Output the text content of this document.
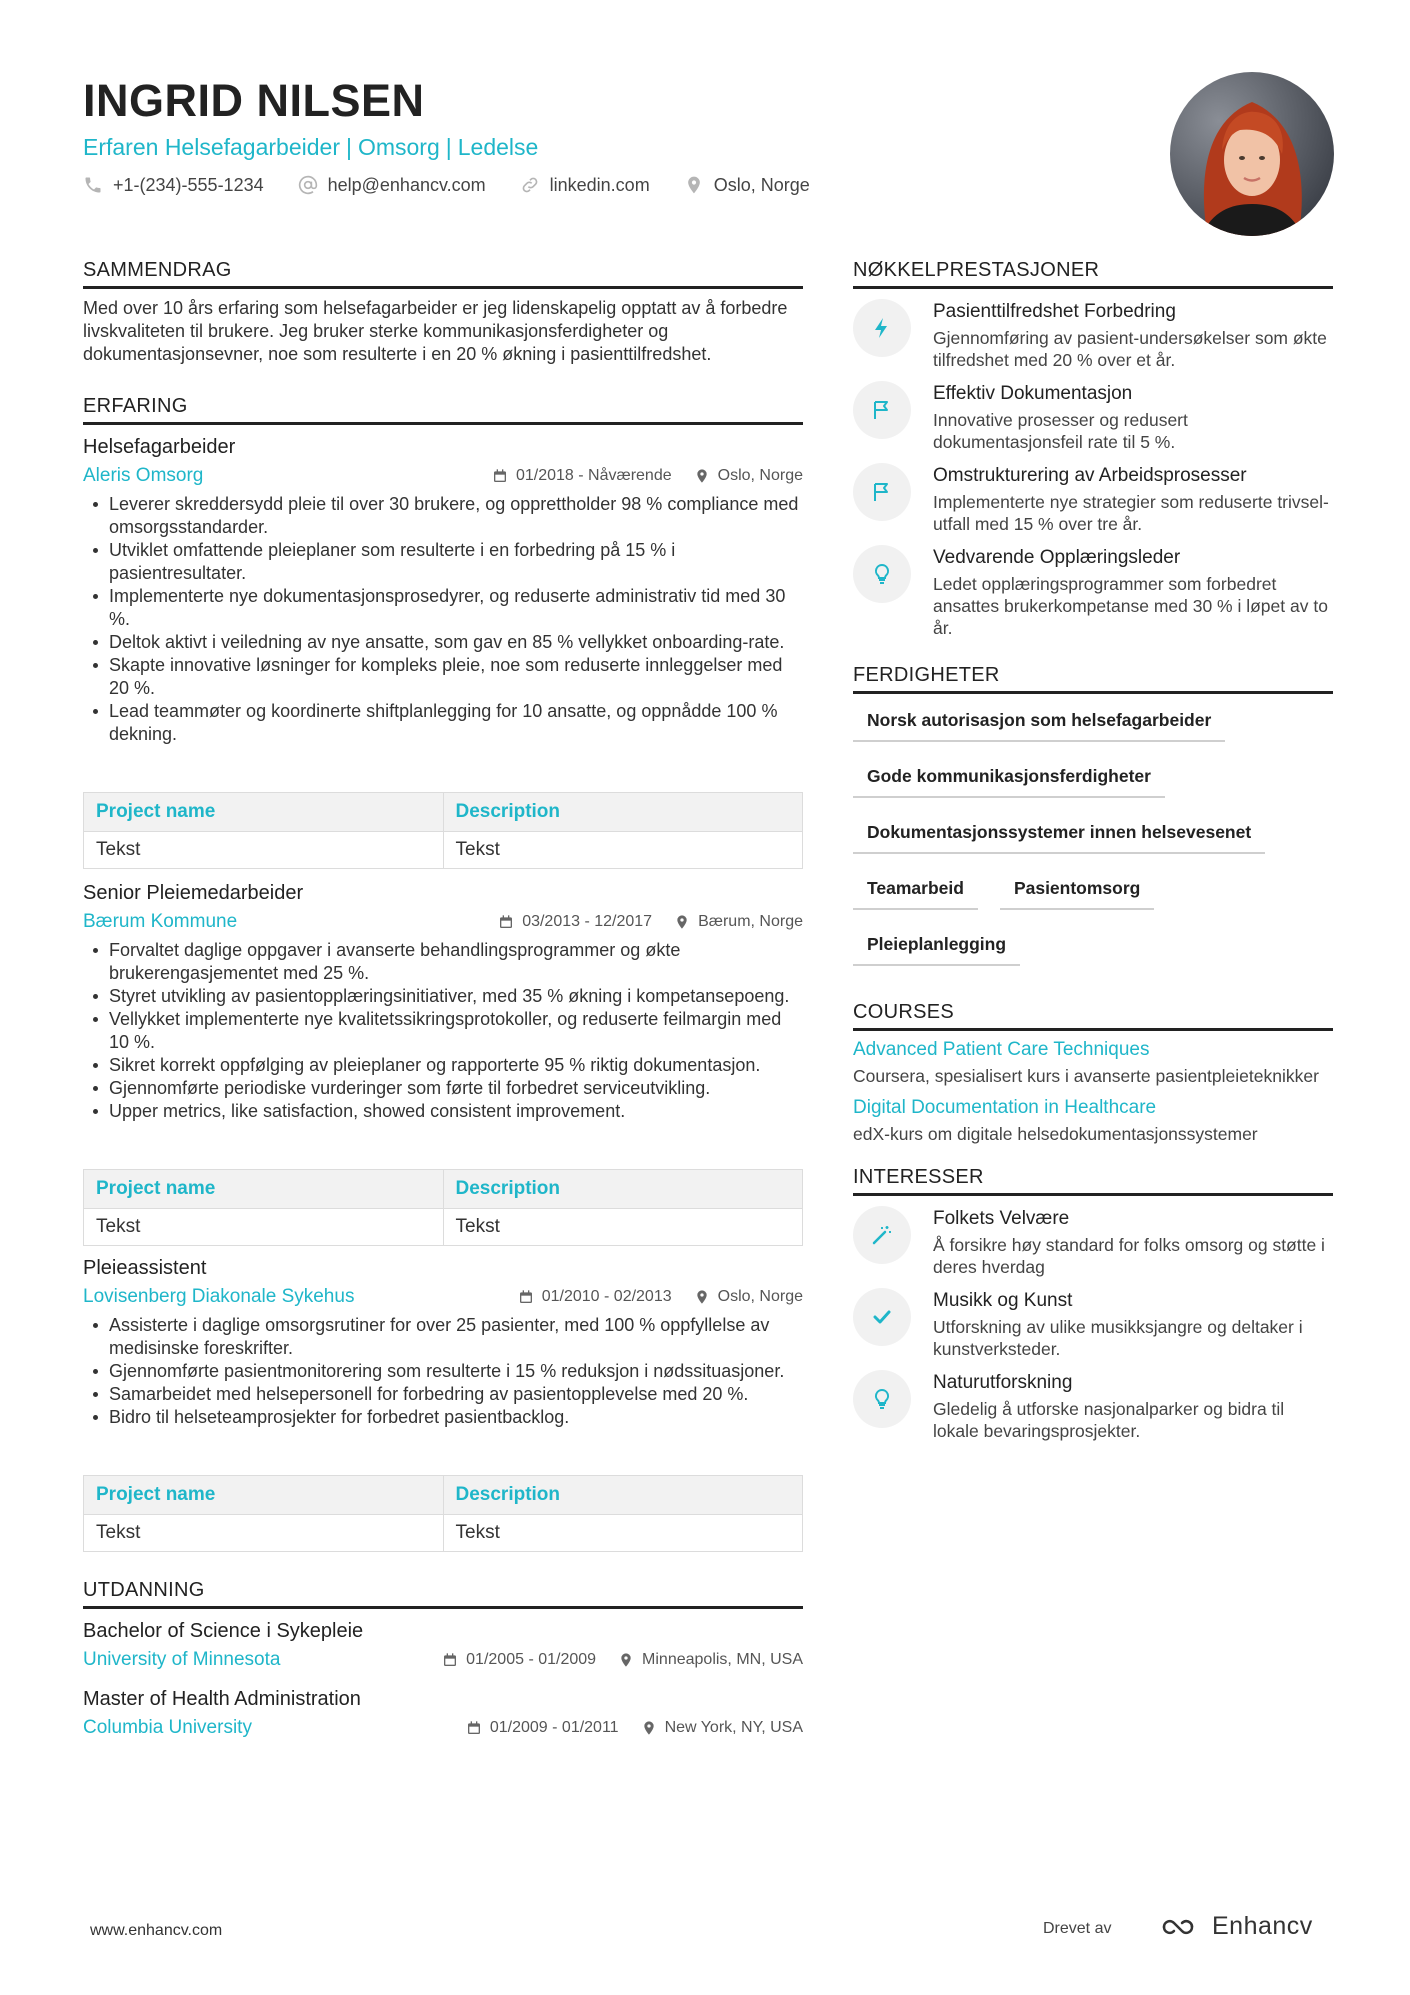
INGRID NILSEN
Erfaren Helsefagarbeider | Omsorg | Ledelse
+1-(234)-555-1234	help@enhancv.com	linkedin.com	Oslo, Norge
SAMMENDRAG
Med over 10 års erfaring som helsefagarbeider er jeg lidenskapelig opptatt av å forbedre livskvaliteten til brukere. Jeg bruker sterke kommunikasjonsferdigheter og dokumentasjonsevner, noe som resulterte i en 20 % økning i pasienttilfredshet.
ERFARING
Helsefagarbeider
Aleris Omsorg	01/2018 - Nåværende	Oslo, Norge
Leverer skreddersydd pleie til over 30 brukere, og opprettholder 98 % compliance med omsorgsstandarder.
Utviklet omfattende pleieplaner som resulterte i en forbedring på 15 % i pasientresultater.
Implementerte nye dokumentasjonsprosedyrer, og reduserte administrativ tid med 30 %.
Deltok aktivt i veiledning av nye ansatte, som gav en 85 % vellykket onboarding-rate.
Skapte innovative løsninger for kompleks pleie, noe som reduserte innleggelser med 20 %.
Lead teammøter og koordinerte shiftplanlegging for 10 ansatte, og oppnådde 100 % dekning.
Project name	Description
Tekst	Tekst
Senior Pleiemedarbeider
Bærum Kommune	03/2013 - 12/2017	Bærum, Norge
Forvaltet daglige oppgaver i avanserte behandlingsprogrammer og økte brukerengasjementet med 25 %.
Styret utvikling av pasientopplæringsinitiativer, med 35 % økning i kompetansepoeng.
Vellykket implementerte nye kvalitetssikringsprotokoller, og reduserte feilmargin med 10 %.
Sikret korrekt oppfølging av pleieplaner og rapporterte 95 % riktig dokumentasjon.
Gjennomførte periodiske vurderinger som førte til forbedret serviceutvikling.
Upper metrics, like satisfaction, showed consistent improvement.
Project name	Description
Tekst	Tekst
Pleieassistent
Lovisenberg Diakonale Sykehus	01/2010 - 02/2013	Oslo, Norge
Assisterte i daglige omsorgsrutiner for over 25 pasienter, med 100 % oppfyllelse av medisinske foreskrifter.
Gjennomførte pasientmonitorering som resulterte i 15 % reduksjon i nødssituasjoner.
Samarbeidet med helsepersonell for forbedring av pasientopplevelse med 20 %.
Bidro til helseteamprosjekter for forbedret pasientbacklog.
Project name	Description
Tekst	Tekst
UTDANNING
Bachelor of Science i Sykepleie
University of Minnesota	01/2005 - 01/2009	Minneapolis, MN, USA
Master of Health Administration
Columbia University	01/2009 - 01/2011	New York, NY, USA
NØKKELPRESTASJONER
Pasienttilfredshet Forbedring
Gjennomføring av pasient-undersøkelser som økte tilfredshet med 20 % over et år.
Effektiv Dokumentasjon
Innovative prosesser og redusert dokumentasjonsfeil rate til 5 %.
Omstrukturering av Arbeidsprosesser
Implementerte nye strategier som reduserte trivsel-utfall med 15 % over tre år.
Vedvarende Opplæringsleder
Ledet opplæringsprogrammer som forbedret ansattes brukerkompetanse med 30 % i løpet av to år.
FERDIGHETER
Norsk autorisasjon som helsefagarbeider
Gode kommunikasjonsferdigheter
Dokumentasjonssystemer innen helsevesenet
Teamarbeid	Pasientomsorg
Pleieplanlegging
COURSES
Advanced Patient Care Techniques
Coursera, spesialisert kurs i avanserte pasientpleieteknikker
Digital Documentation in Healthcare
edX-kurs om digitale helsedokumentasjonssystemer
INTERESSER
Folkets Velvære
Å forsikre høy standard for folks omsorg og støtte i deres hverdag
Musikk og Kunst
Utforskning av ulike musikksjangre og deltaker i kunstverksteder.
Naturutforskning
Gledelig å utforske nasjonalparker og bidra til lokale bevaringsprosjekter.
www.enhancv.com	Drevet av	Enhancv
